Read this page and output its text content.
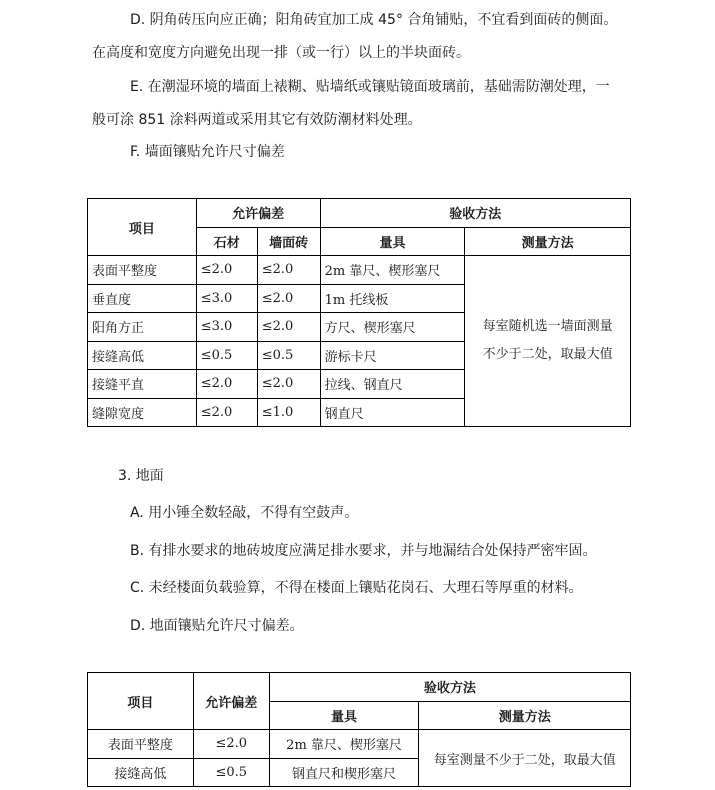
D. 阴角砖压向应正确；阳角砖宜加工成 45° 合角铺贴，不宜看到面砖的侧面。
在高度和宽度方向避免出现一排（或一行）以上的半块面砖。

E. 在潮湿环境的墙面上裱糊、贴墙纸或镶贴镜面玻璃前，基础需防潮处理，一
般可涂 851 涂料两道或采用其它有效防潮材料处理。

F. 墙面镶贴允许尺寸偏差

项目	允许偏差		验收方法	
	石材	墙面砖	量具	测量方法
表面平整度	≤2.0	≤2.0	2m 靠尺、楔形塞尺	每室随机选一墙面测量
不少于二处，取最大值
垂直度	≤3.0	≤2.0	1m 托线板	
阳角方正	≤3.0	≤2.0	方尺、楔形塞尺	
接缝高低	≤0.5	≤0.5	游标卡尺	
接缝平直	≤2.0	≤2.0	拉线、钢直尺	
缝隙宽度	≤2.0	≤1.0	钢直尺	

3. 地面

A. 用小锤全数轻敲，不得有空鼓声。

B. 有排水要求的地砖坡度应满足排水要求，并与地漏结合处保持严密牢固。

C. 未经楼面负载验算，不得在楼面上镶贴花岗石、大理石等厚重的材料。

D. 地面镶贴允许尺寸偏差。

项目	允许偏差	验收方法	
		量具	测量方法
表面平整度	≤2.0	2m 靠尺、楔形塞尺	每室测量不少于二处，取最大值
接缝高低	≤0.5	钢直尺和楔形塞尺	
